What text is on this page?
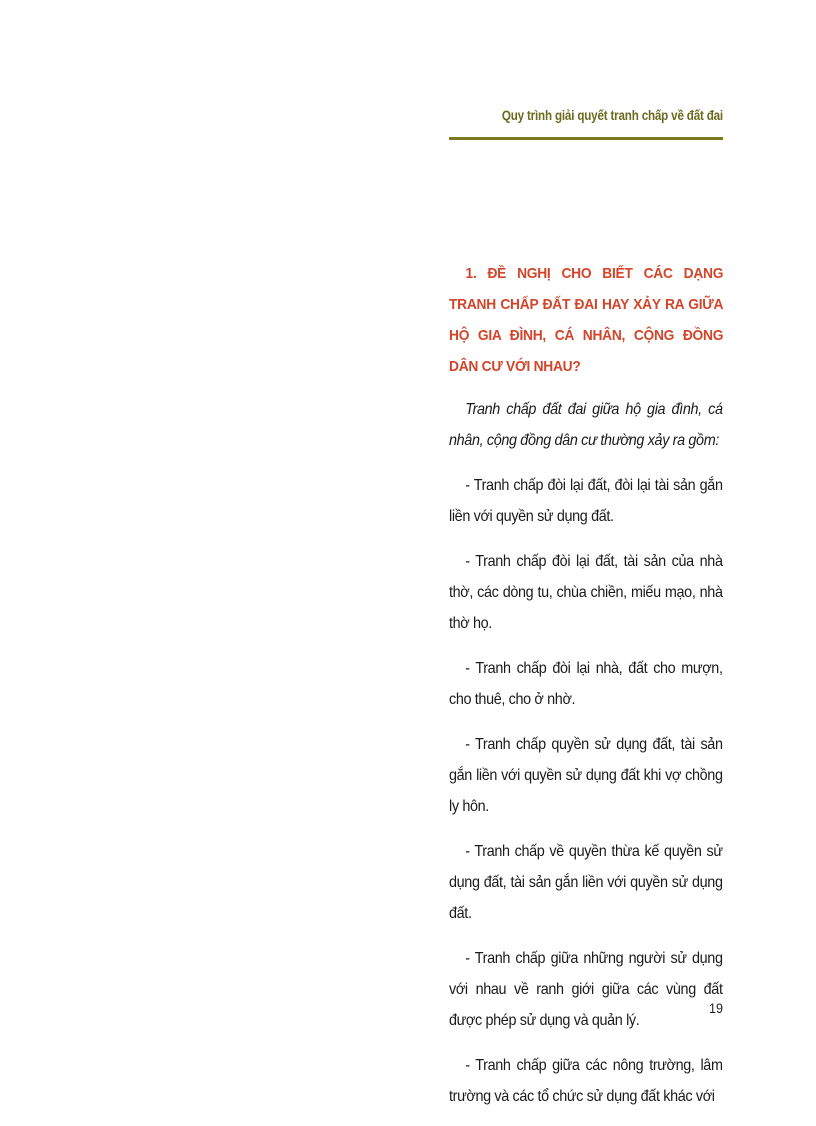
Quy trình giải quyết tranh chấp về đất đai

1. ĐỀ NGHỊ CHO BIẾT CÁC DẠNG TRANH CHẤP ĐẤT ĐAI HAY XẢY RA GIỮA HỘ GIA ĐÌNH, CÁ NHÂN, CỘNG ĐỒNG DÂN CƯ VỚI NHAU?

Tranh chấp đất đai giữa hộ gia đình, cá nhân, cộng đồng dân cư thường xảy ra gồm:

- Tranh chấp đòi lại đất, đòi lại tài sản gắn liền với quyền sử dụng đất.

- Tranh chấp đòi lại đất, tài sản của nhà thờ, các dòng tu, chùa chiền, miếu mạo, nhà thờ họ.

- Tranh chấp đòi lại nhà, đất cho mượn, cho thuê, cho ở nhờ.

- Tranh chấp quyền sử dụng đất, tài sản gắn liền với quyền sử dụng đất khi vợ chồng ly hôn.

- Tranh chấp về quyền thừa kế quyền sử dụng đất, tài sản gắn liền với quyền sử dụng đất.

- Tranh chấp giữa những người sử dụng với nhau về ranh giới giữa các vùng đất được phép sử dụng và quản lý.

- Tranh chấp giữa các nông trường, lâm trường và các tổ chức sử dụng đất khác với

19
